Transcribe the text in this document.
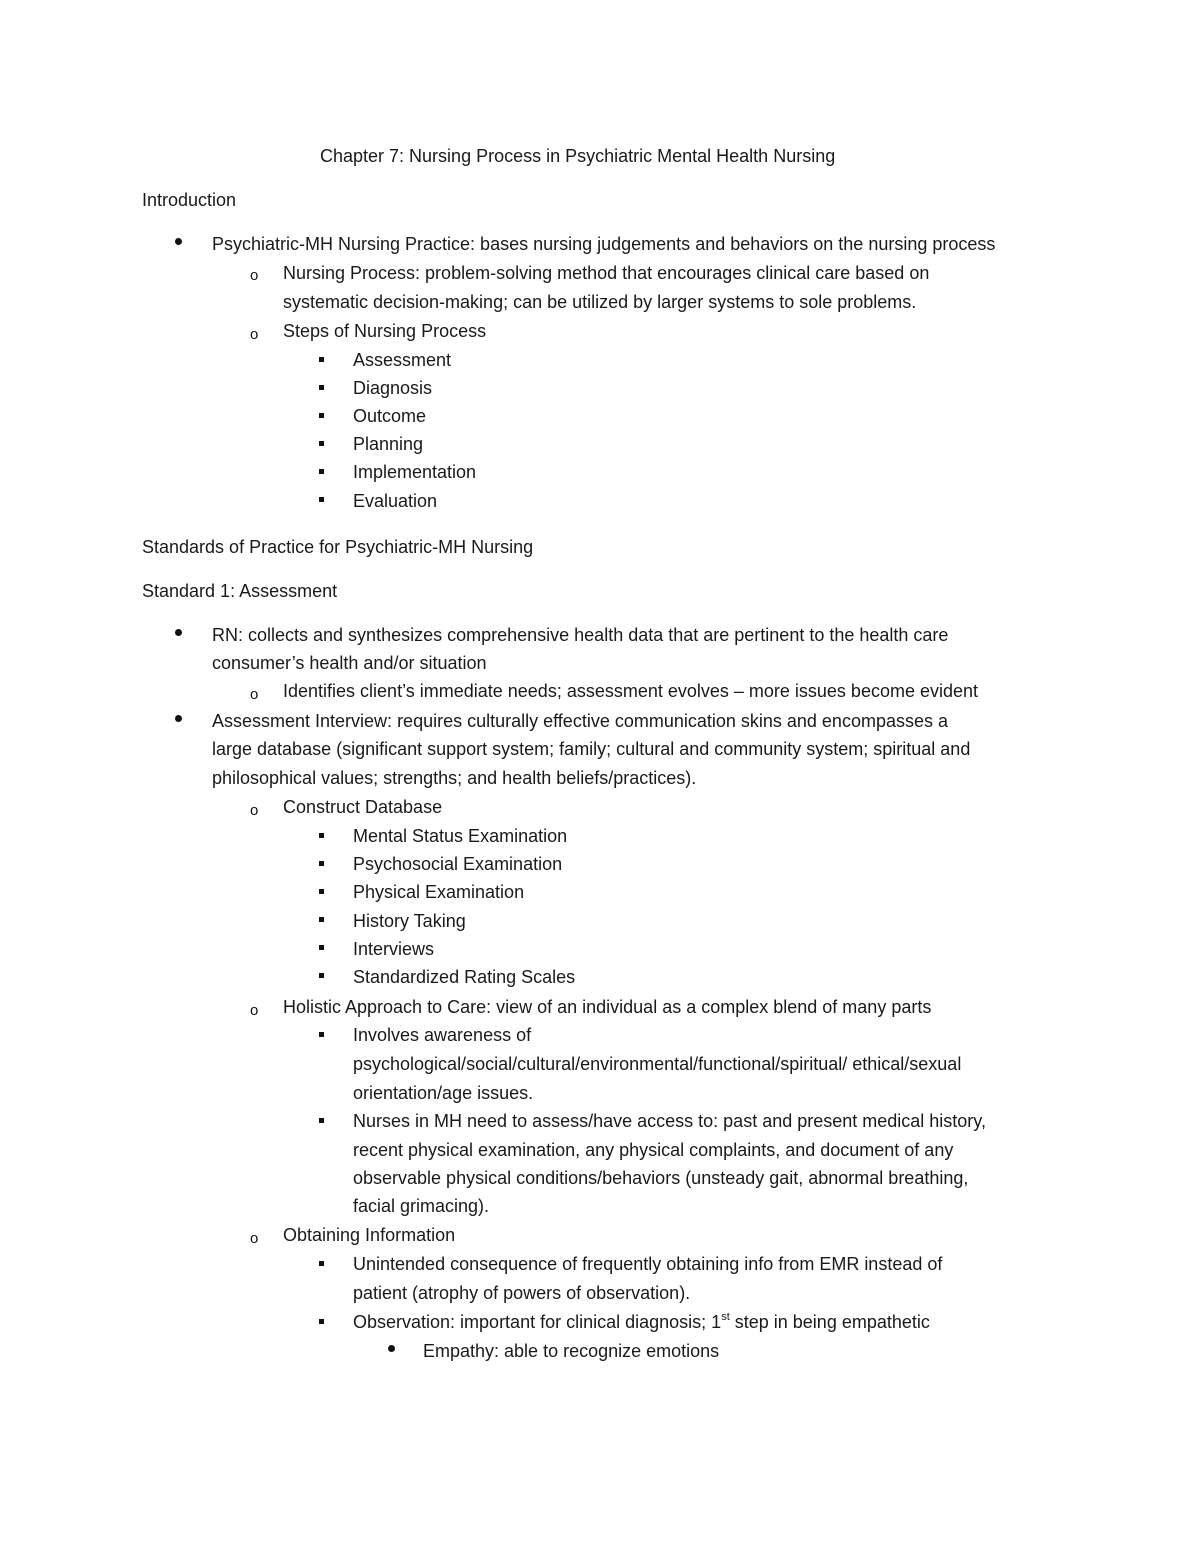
Chapter 7: Nursing Process in Psychiatric Mental Health Nursing
Introduction
Psychiatric-MH Nursing Practice: bases nursing judgements and behaviors on the nursing process
o Nursing Process: problem-solving method that encourages clinical care based on
systematic decision-making; can be utilized by larger systems to sole problems.
o Steps of Nursing Process
Assessment
Diagnosis
Outcome
Planning
Implementation
Evaluation
Standards of Practice for Psychiatric-MH Nursing
Standard 1: Assessment
RN: collects and synthesizes comprehensive health data that are pertinent to the health care
consumer’s health and/or situation
o Identifies client’s immediate needs; assessment evolves – more issues become evident
Assessment Interview: requires culturally effective communication skins and encompasses a
large database (significant support system; family; cultural and community system; spiritual and
philosophical values; strengths; and health beliefs/practices).
o Construct Database
Mental Status Examination
Psychosocial Examination
Physical Examination
History Taking
Interviews
Standardized Rating Scales
o Holistic Approach to Care: view of an individual as a complex blend of many parts
Involves awareness of
psychological/social/cultural/environmental/functional/spiritual/ ethical/sexual
orientation/age issues.
Nurses in MH need to assess/have access to: past and present medical history,
recent physical examination, any physical complaints, and document of any
observable physical conditions/behaviors (unsteady gait, abnormal breathing,
facial grimacing).
o Obtaining Information
Unintended consequence of frequently obtaining info from EMR instead of
patient (atrophy of powers of observation).
Observation: important for clinical diagnosis; 1st step in being empathetic
Empathy: able to recognize emotions
